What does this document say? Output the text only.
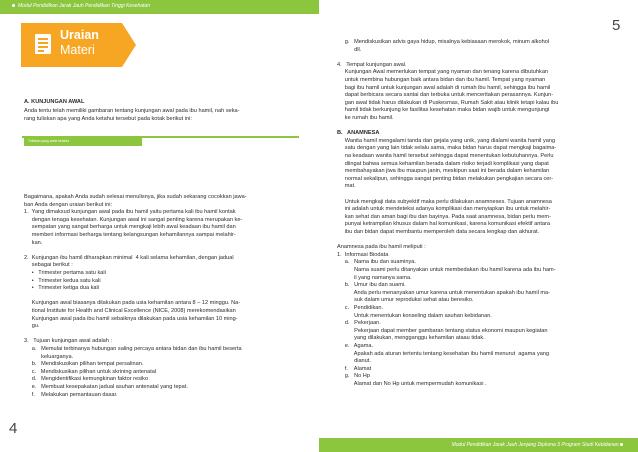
Modul Pendidikan Jarak Jauh Pendidikan Tinggi Kesehatan
Uraian
Materi
A. KUNJUNGAN AWAL
Anda tentu telah memiliki gambaran tentang kunjungan awal pada ibu hamil, nah seka-
rang tuliskan apa yang Anda ketahui tersebut pada kotak berikut ini:
Tuliskan yang anda ketahui
Bagaimana, apakah Anda sudah selesai menulisnya, jika sudah sekarang cocokkan jawa-
ban Anda dengan uraian berikut ini:
1.  Yang dimaksud kunjungan awal pada ibu hamil yaitu pertama kali ibu hamil kontak
dengan tenaga kesehatan. Kunjungan awal ini sangat penting karena merupakan ke-
sempatan yang sangat berharga untuk mengkaji lebih awal keadaan ibu hamil dan
memberi informasi berharga tentang kelangsungan kehamilannya sampai melahir-
kan.
2.  Kunjungan ibu hamil diharapkan minimal  4 kali selama kehamilan, dengan jadual
sebagai berikut :
•   Trimester pertama satu kali
•   Trimester kedua satu kali
•   Trimester ketiga dua kali
Kunjungan awal biasanya dilakukan pada usia kehamilan antara 8 – 12 minggu. Na-
tional Institute for Health and Clinical Excellence (NICE, 2008) merekomendasikan
Kunjungan awal pada ibu hamil sebaiknya dilakukan pada usia kehamilan 10 ming-
gu.
3.   Tujuan kunjungan awal adalah :
a.   Memulai terbinanya hubungan saling percaya antara bidan dan ibu hamil beserta
keluarganya.
b.   Mendiskusikan pilihan tempat persalinan.
c.   Mendiskusikan pilihan untuk skrining antenatal
d.   Mengidentifikasi kemungkinan faktor resiko
e.   Membuat kesepakatan jadual asuhan antenatal yang tepat.
f.    Melakukan pemantauan dasar.
4
5
g.   Mendiskusikan advis gaya hidup, misalnya kebiasaan merokok, minum alkohol
dll.
4.   Tempat kunjungan awal.
Kunjungan Awal memerlukan tempat yang nyaman dan tenang karena dibutuhkan
untuk membina hubungan baik antara bidan dan ibu hamil. Tempat yang nyaman
bagi ibu hamil untuk kunjungan awal adalah di rumah ibu hamil, sehingga ibu hamil
dapat berbicara secara santai dan terbuka untuk menceritakan perasannya. Kunjun-
gan awal tidak harus dilakukan di Puskesmas, Rumah Sakit atau klinik tetapi kalau ibu
hamil tidak berkunjung ke fasilitas kesehatan maka bidan wajib untuk mengunjungi
ke rumah ibu hamil.
B.   ANAMNESA
Wanita hamil mengalami tanda dan gejala yang unik, yang dialami wanita hamil yang
satu dengan yang lain tidak selalu sama, maka bidan harus dapat mengkaji bagaima-
na keadaan wanita hamil tersebut sehingga dapat menentukan kebutuhannya. Perlu
diingat bahwa semua kehamilan berada dalam risiko terjadi komplikasi yang dapat
membahayakan jiwa ibu maupun janin, meskipun saat ini berada dalam kehamilan
normal sekalipun, sehingga sangat penting bidan melakukan pengkajian secara cer-
mat.
Untuk mengkaji data subyektif maka perlu dilakukan anamneses. Tujuan anamnesa
ini adalah untuk mendeteksi adanya komplikasi dan menyiapkan ibu untuk melahir-
kan sehat dan aman bagi ibu dan bayinya. Pada saat anamnesa, bidan perlu mem-
punyai ketrampilan khusus dalam hal komunikasi, karena komunikasi efektif antara
ibu dan bidan dapat membantu memperoleh data secara lengkap dan akhurat.
Anamnesa pada ibu hamil meliputi :
1.  Informasi Biodata
a.   Nama ibu dan suaminya.
Nama suami perlu ditanyakan untuk membedakan ibu hamil karena ada ibu ham-
il yang namanya sama.
b.   Umur ibu dan suami.
Anda perlu menanyakan umur karena untuk menentukan apakah ibu hamil ma-
suk dalam umur reproduksi sehat atau beresiko.
c.   Pendidikan.
Untuk menentukan konseling dalam asuhan kebidanan.
d.   Pekerjaan.
Pekerjaan dapat member gambaran tentang status ekonomi maupun kegiatan
yang dilakukan, mengganggu kehamilan ataau tidak.
e.   Agama.
Apakah ada aturan tertentu tentang kesehatan ibu hamil menurut  agama yang
dianut.
f.    Alamat
g.   No Hp
Alamat dan No Hp untuk mempermudah komunikasi .
Modul Pendidikan Jarak Jauh Jenjang Diploma 3 Program Studi Kebidanan
